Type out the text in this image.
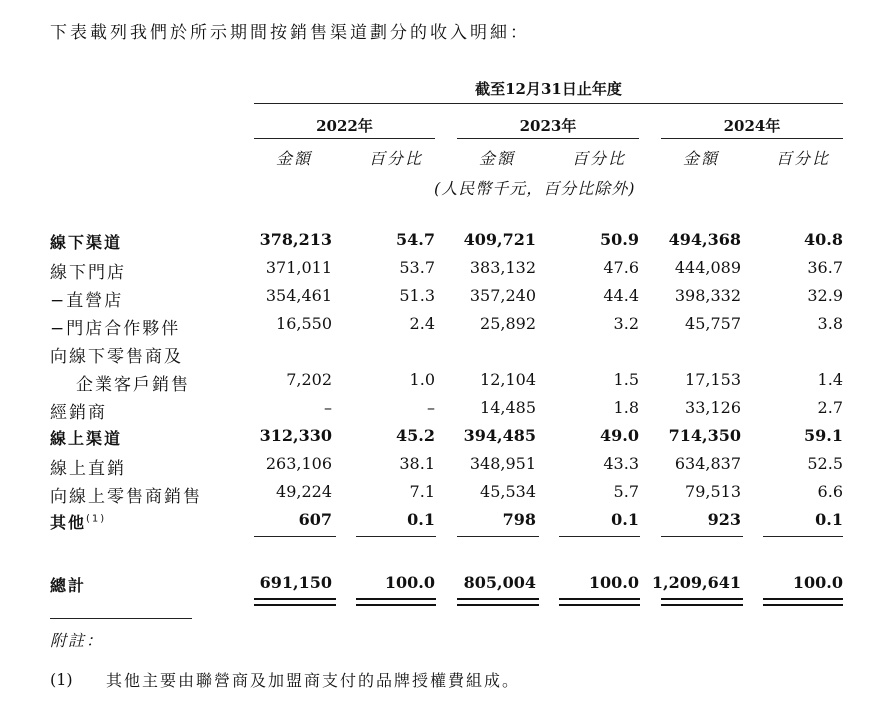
下表載列我們於所示期間按銷售渠道劃分的收入明細：
截至12月31日止年度
2022年	2023年	2024年
金額	百分比	金額	百分比	金額	百分比
(人民幣千元，百分比除外)
線下渠道	378,213	54.7 409,721	50.9 494,368	40.8
線下門店	371,011	53.7 383,132	47.6 444,089	36.7
−直營店	354,461	51.3 357,240	44.4 398,332	32.9
−門店合作夥伴	16,550	2.4	25,892	3.2	45,757	3.8
向線下零售商及
企業客戶銷售	7,202	1.0	12,104	1.5	17,153	1.4
經銷商	–	–	14,485	1.8	33,126	2.7
線上渠道	312,330	45.2 394,485	49.0 714,350	59.1
線上直銷	263,106	38.1 348,951	43.3 634,837	52.5
向線上零售商銷售	49,224	7.1	45,534	5.7	79,513	6.6
其他$^{(1)}$	607	0.1	798	0.1	923	0.1
總計	691,150	100.0 805,004	100.0 1,209,641	100.0
附註：
(1) 其他主要由聯營商及加盟商支付的品牌授權費組成。
